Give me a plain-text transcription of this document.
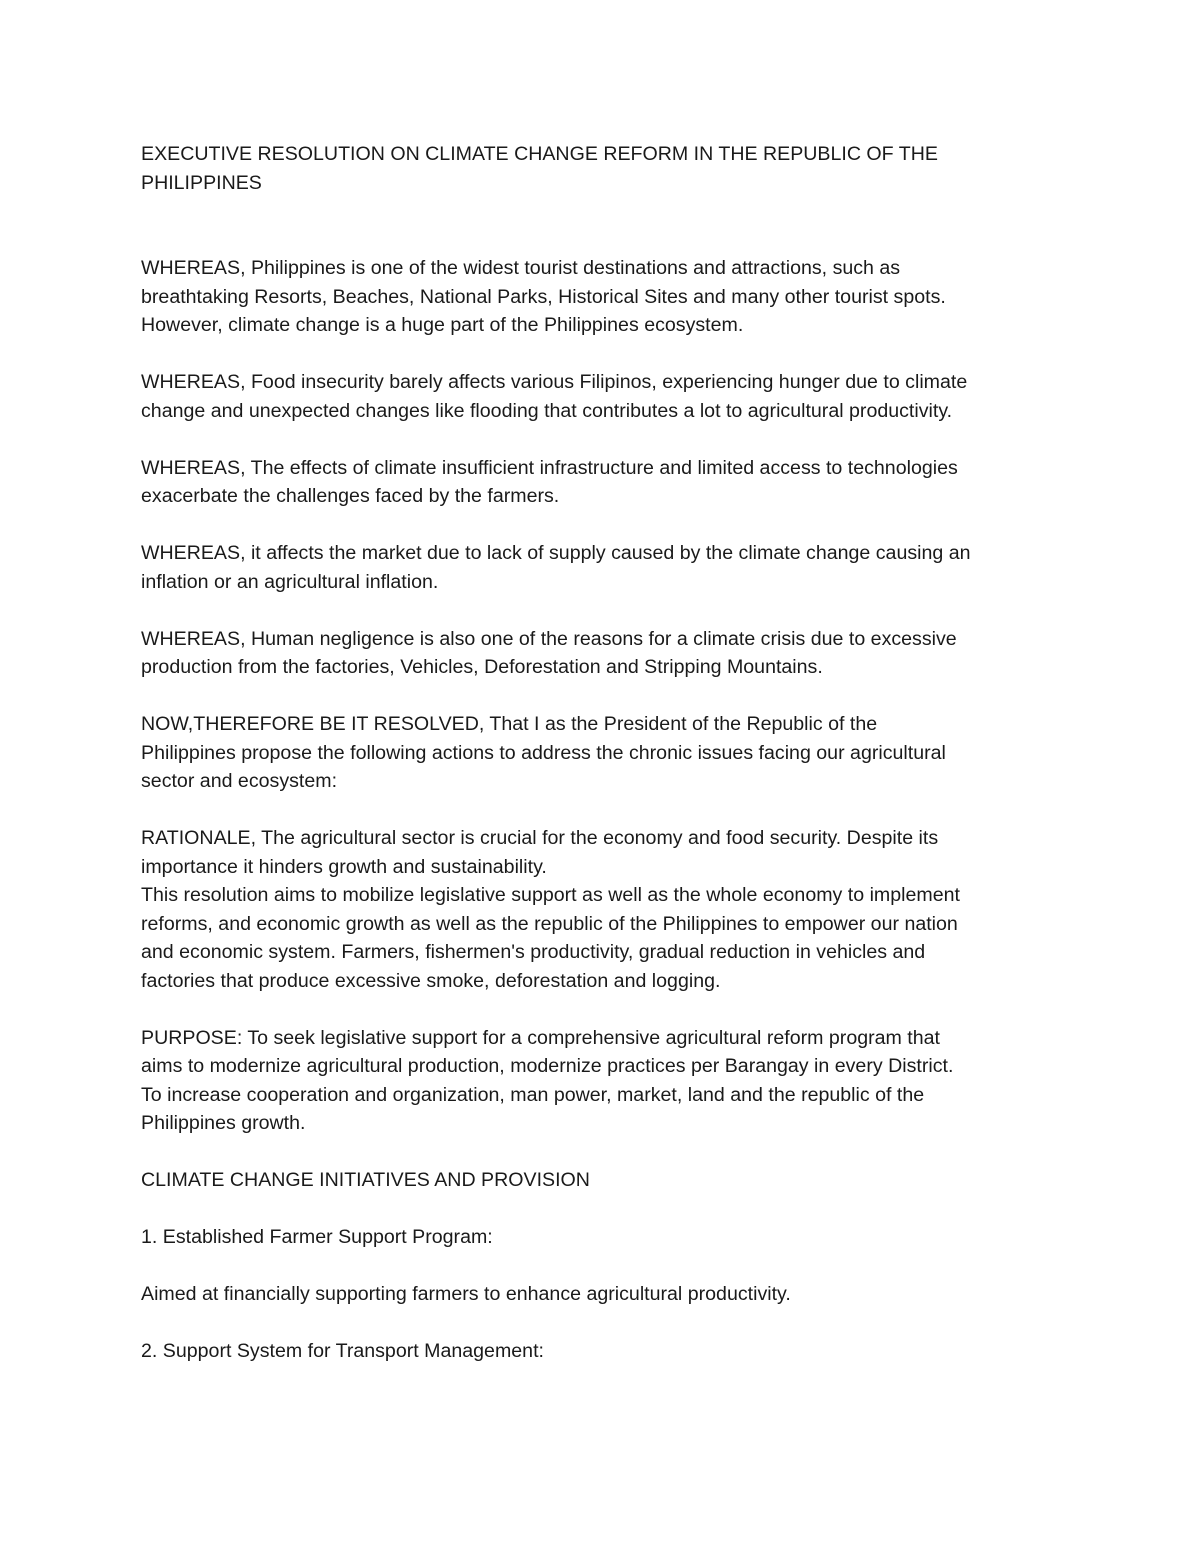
EXECUTIVE RESOLUTION ON CLIMATE CHANGE REFORM IN THE REPUBLIC OF THE
PHILIPPINES

WHEREAS, Philippines is one of the widest tourist destinations and attractions, such as
breathtaking Resorts, Beaches, National Parks, Historical Sites and many other tourist spots.
However, climate change is a huge part of the Philippines ecosystem.

WHEREAS, Food insecurity barely affects various Filipinos, experiencing hunger due to climate
change and unexpected changes like flooding that contributes a lot to agricultural productivity.

WHEREAS, The effects of climate insufficient infrastructure and limited access to technologies
exacerbate the challenges faced by the farmers.

WHEREAS, it affects the market due to lack of supply caused by the climate change causing an
inflation or an agricultural inflation.

WHEREAS, Human negligence is also one of the reasons for a climate crisis due to excessive
production from the factories, Vehicles, Deforestation and Stripping Mountains.

NOW,THEREFORE BE IT RESOLVED, That I as the President of the Republic of the
Philippines propose the following actions to address the chronic issues facing our agricultural
sector and ecosystem:

RATIONALE, The agricultural sector is crucial for the economy and food security. Despite its
importance it hinders growth and sustainability.

This resolution aims to mobilize legislative support as well as the whole economy to implement
reforms, and economic growth as well as the republic of the Philippines to empower our nation
and economic system. Farmers, fishermen's productivity, gradual reduction in vehicles and
factories that produce excessive smoke, deforestation and logging.

PURPOSE: To seek legislative support for a comprehensive agricultural reform program that
aims to modernize agricultural production, modernize practices per Barangay in every District.
To increase cooperation and organization, man power, market, land and the republic of the
Philippines growth.

CLIMATE CHANGE INITIATIVES AND PROVISION

1. Established Farmer Support Program:

Aimed at financially supporting farmers to enhance agricultural productivity.

2. Support System for Transport Management:
